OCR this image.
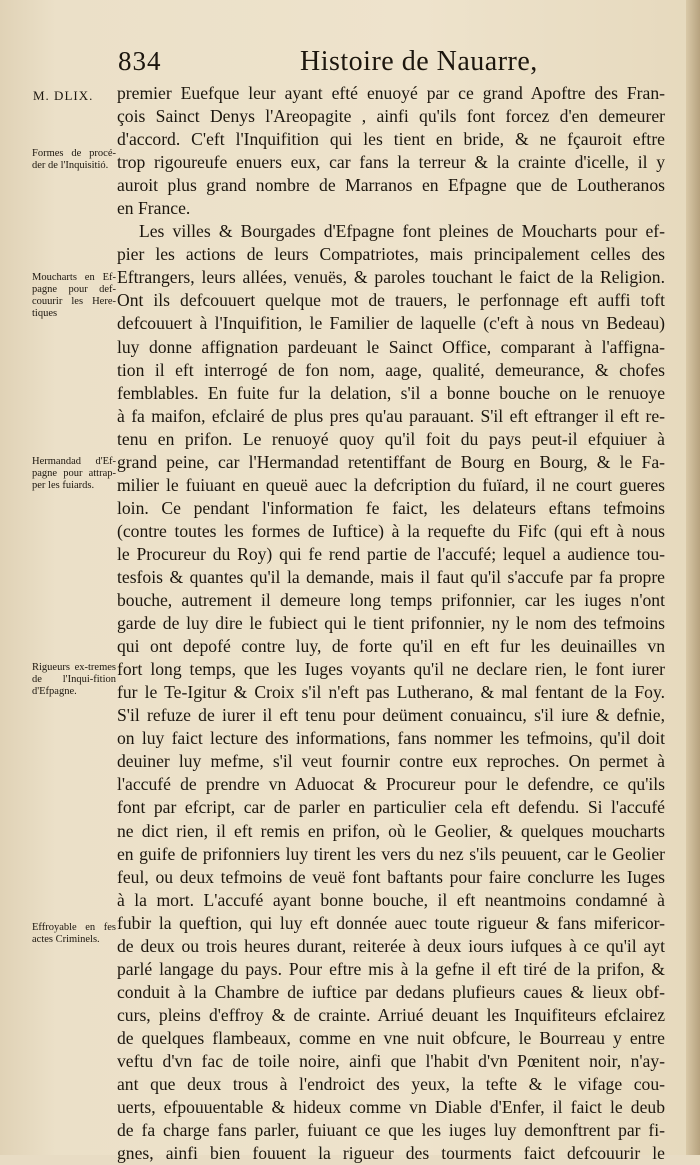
834	Histoire de Nauarre,
M. DLIX.
Formes de procé-der de l'Inquisitió.
Moucharts en Ef-pagne pour def-couurir les Here-tiques
Hermandad d'Ef-pagne pour attrap-per les fuiards.
Rigueurs ex-tremes de l'Inqui-fition d'Efpagne.
Effroyable en fes actes Criminels.
premier Euefque leur ayant efté enuoyé par ce grand Apoftre des Fran-
çois Sainct Denys l'Areopagite , ainfi qu'ils font forcez d'en demeurer
d'accord. C'eft l'Inquifition qui les tient en bride, & ne fçauroit eftre
trop rigoureufe enuers eux, car fans la terreur & la crainte d'icelle, il y
auroit plus grand nombre de Marranos en Efpagne que de Loutheranos
en France.
Les villes & Bourgades d'Efpagne font pleines de Moucharts pour ef-
pier les actions de leurs Compatriotes, mais principalement celles des
Eftrangers, leurs allées, venuës, & paroles touchant le faict de la Religion.
Ont ils defcouuert quelque mot de trauers, le perfonnage eft auffi toft
defcouuert à l'Inquifition, le Familier de laquelle (c'eft à nous vn Bedeau)
luy donne affignation pardeuant le Sainct Office, comparant à l'affigna-
tion il eft interrogé de fon nom, aage, qualité, demeurance, & chofes
femblables. En fuite fur la delation, s'il a bonne bouche on le renuoye
à fa maifon, efclairé de plus pres qu'au parauant. S'il eft eftranger il eft re-
tenu en prifon. Le renuoyé quoy qu'il foit du pays peut-il efquiuer à
grand peine, car l'Hermandad retentiffant de Bourg en Bourg, & le Fa-
milier le fuiuant en queuë auec la defcription du fuïard, il ne court gueres
loin. Ce pendant l'information fe faict, les delateurs eftans tefmoins
(contre toutes les formes de Iuftice) à la requefte du Fifc (qui eft à nous
le Procureur du Roy) qui fe rend partie de l'accufé; lequel a audience tou-
tesfois & quantes qu'il la demande, mais il faut qu'il s'accufe par fa propre
bouche, autrement il demeure long temps prifonnier, car les iuges n'ont
garde de luy dire le fubiect qui le tient prifonnier, ny le nom des tefmoins
qui ont depofé contre luy, de forte qu'il en eft fur les deuinailles vn
fort long temps, que les Iuges voyants qu'il ne declare rien, le font iurer
fur le Te-Igitur & Croix s'il n'eft pas Lutherano, & mal fentant de la Foy.
S'il refuze de iurer il eft tenu pour deüment conuaincu, s'il iure & defnie,
on luy faict lecture des informations, fans nommer les tefmoins, qu'il doit
deuiner luy mefme, s'il veut fournir contre eux reproches. On permet à
l'accufé de prendre vn Aduocat & Procureur pour le defendre, ce qu'ils
font par efcript, car de parler en particulier cela eft defendu. Si l'accufé
ne dict rien, il eft remis en prifon, où le Geolier, & quelques moucharts
en guife de prifonniers luy tirent les vers du nez s'ils peuuent, car le Geolier
feul, ou deux tefmoins de veuë font baftants pour faire conclurre les Iuges
à la mort. L'accufé ayant bonne bouche, il eft neantmoins condamné à
fubir la queftion, qui luy eft donnée auec toute rigueur & fans mifericor-
de deux ou trois heures durant, reiterée à deux iours iufques à ce qu'il ayt
parlé langage du pays. Pour eftre mis à la gefne il eft tiré de la prifon, &
conduit à la Chambre de iuftice par dedans plufieurs caues & lieux obf-
curs, pleins d'effroy & de crainte. Arriué deuant les Inquifiteurs efclairez
de quelques flambeaux, comme en vne nuit obfcure, le Bourreau y entre
veftu d'vn fac de toile noire, ainfi que l'habit d'vn Pœnitent noir, n'ay-
ant que deux trous à l'endroict des yeux, la tefte & le vifage cou-
uerts, efpouuentable & hideux comme vn Diable d'Enfer, il faict le deub
de fa charge fans parler, fuiuant ce que les iuges luy demonftrent par fi-
gnes, ainfi bien fouuent la rigueur des tourments faict defcouurir le
